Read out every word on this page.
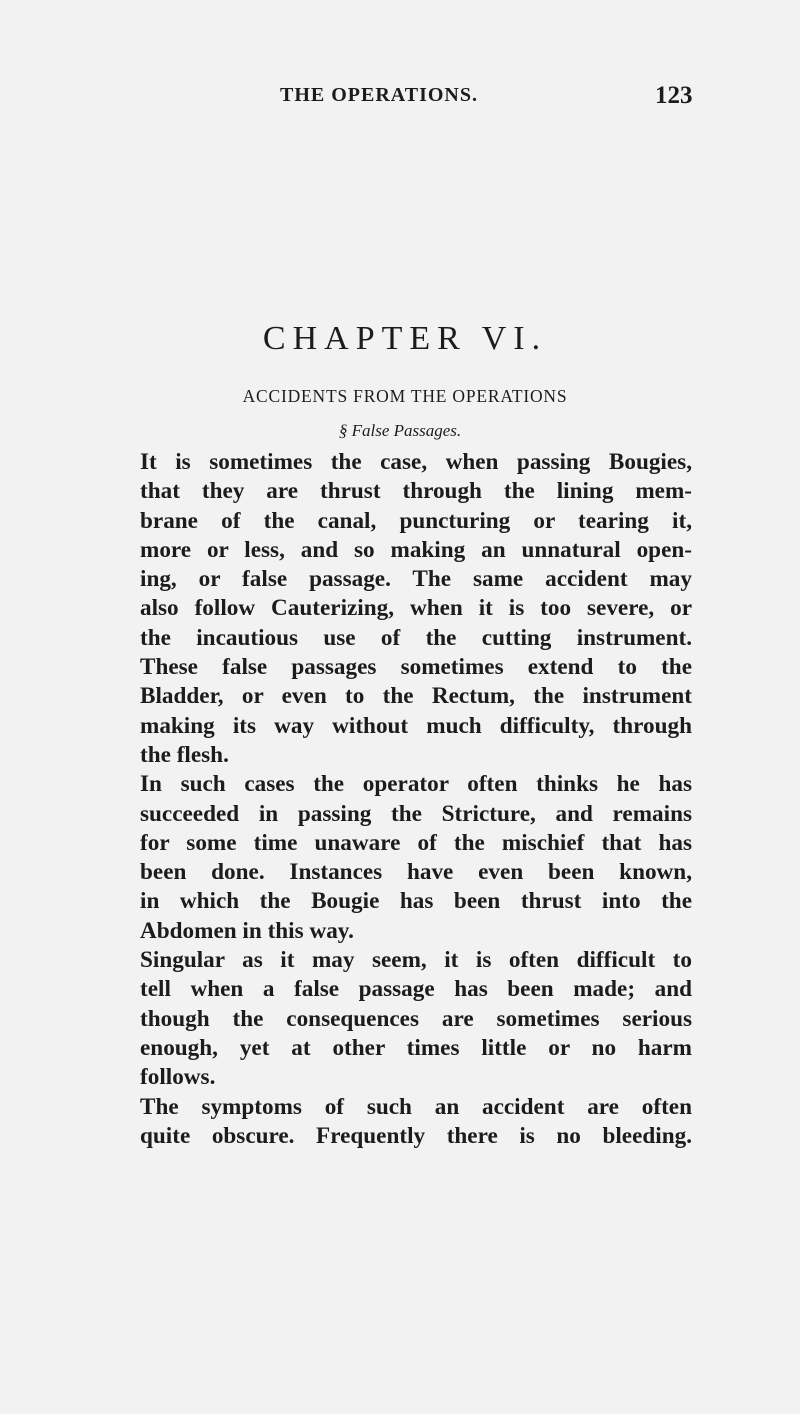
THE OPERATIONS.	123
CHAPTER VI.
ACCIDENTS FROM THE OPERATIONS
§ False Passages.
It is sometimes the case, when passing Bougies,
that they are thrust through the lining mem-
brane of the canal, puncturing or tearing it,
more or less, and so making an unnatural open-
ing, or false passage. The same accident may
also follow Cauterizing, when it is too severe, or
the incautious use of the cutting instrument.
These false passages sometimes extend to the
Bladder, or even to the Rectum, the instrument
making its way without much difficulty, through
the flesh.
In such cases the operator often thinks he has
succeeded in passing the Stricture, and remains
for some time unaware of the mischief that has
been done. Instances have even been known,
in which the Bougie has been thrust into the
Abdomen in this way.
Singular as it may seem, it is often difficult to
tell when a false passage has been made; and
though the consequences are sometimes serious
enough, yet at other times little or no harm
follows.
The symptoms of such an accident are often
quite obscure. Frequently there is no bleeding.
